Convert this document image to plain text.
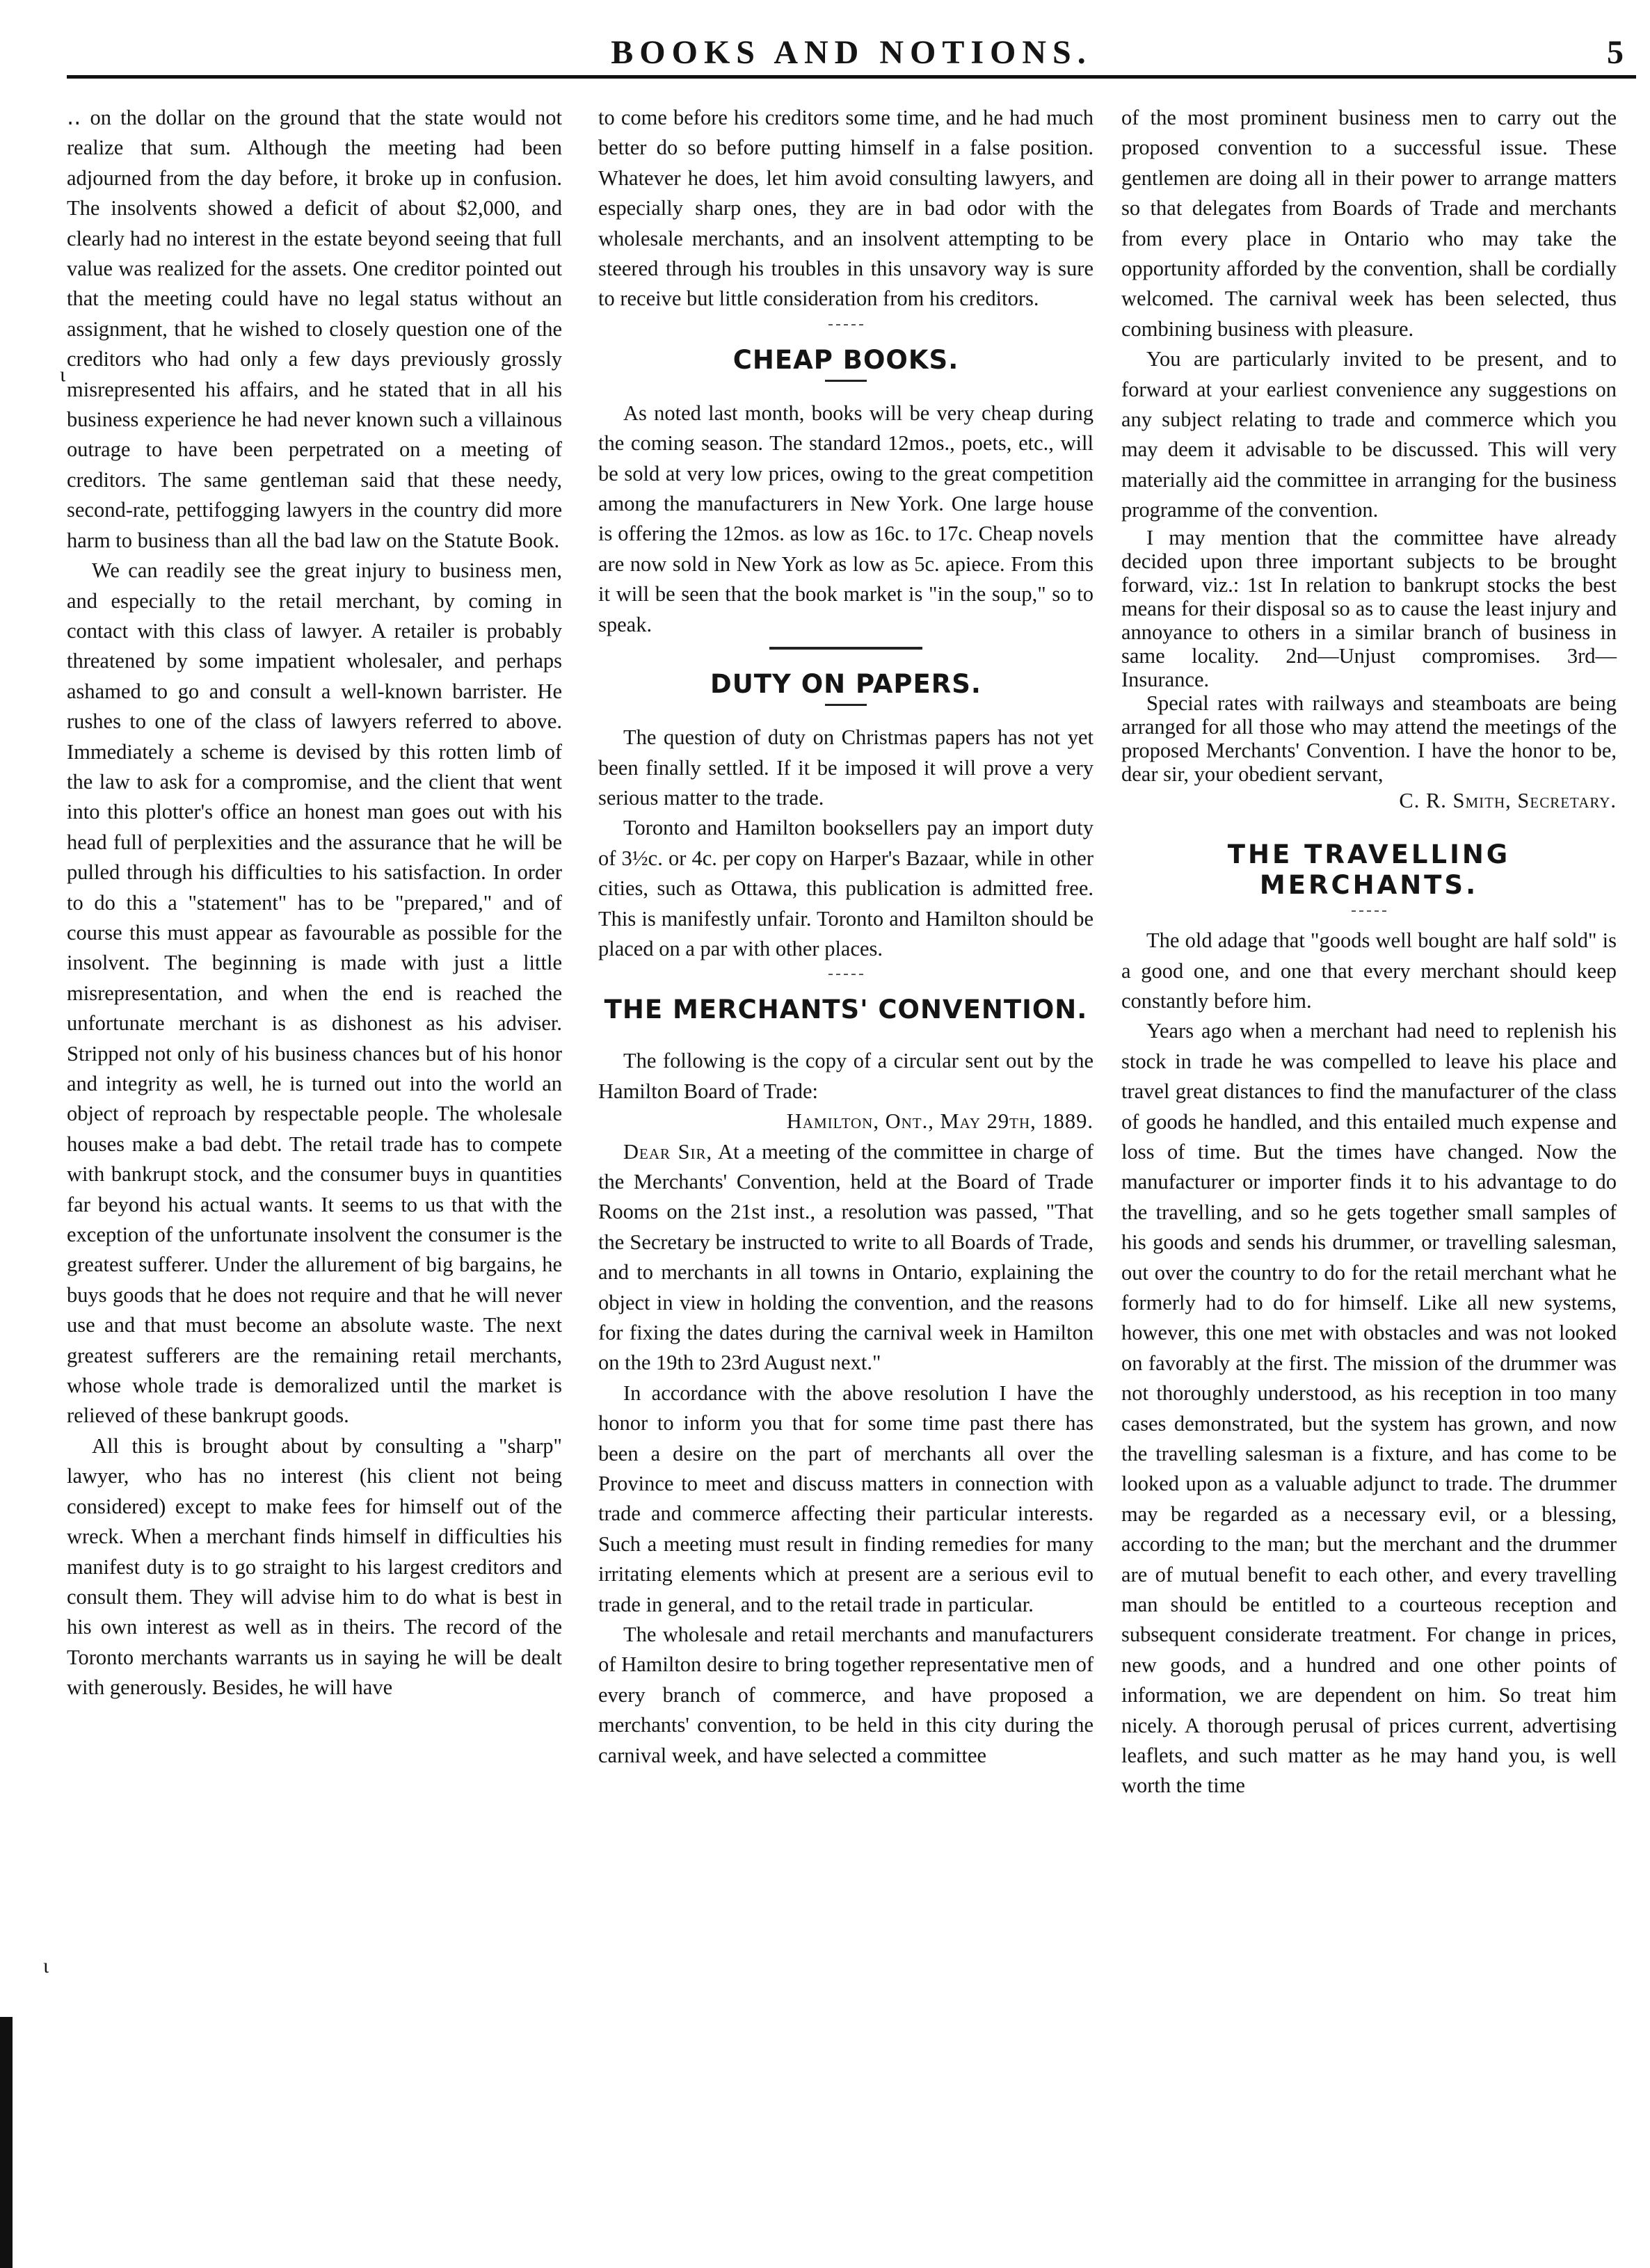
BOOKS AND NOTIONS.	5
ι
ι

‥ on the dollar on the ground that the state would not realize that sum. Although the meeting had been adjourned from the day before, it broke up in confusion. The insolvents showed a deficit of about $2,000, and clearly had no interest in the estate beyond seeing that full value was realized for the assets. One creditor pointed out that the meeting could have no legal status without an assignment, that he wished to closely question one of the creditors who had only a few days previously grossly misrepresented his affairs, and he stated that in all his business experience he had never known such a villainous outrage to have been perpetrated on a meeting of creditors. The same gentleman said that these needy, second-rate, pettifogging lawyers in the country did more harm to business than all the bad law on the Statute Book.

We can readily see the great injury to business men, and especially to the retail merchant, by coming in contact with this class of lawyer. A retailer is probably threatened by some impatient wholesaler, and perhaps ashamed to go and consult a well-known barrister. He rushes to one of the class of lawyers referred to above. Immediately a scheme is devised by this rotten limb of the law to ask for a compromise, and the client that went into this plotter's office an honest man goes out with his head full of perplexities and the assurance that he will be pulled through his difficulties to his satisfaction. In order to do this a "statement" has to be "prepared," and of course this must appear as favourable as possible for the insolvent. The beginning is made with just a little misrepresentation, and when the end is reached the unfortunate merchant is as dishonest as his adviser. Stripped not only of his business chances but of his honor and integrity as well, he is turned out into the world an object of reproach by respectable people. The wholesale houses make a bad debt. The retail trade has to compete with bankrupt stock, and the consumer buys in quantities far beyond his actual wants. It seems to us that with the exception of the unfortunate insolvent the consumer is the greatest sufferer. Under the allurement of big bargains, he buys goods that he does not require and that he will never use and that must become an absolute waste. The next greatest sufferers are the remaining retail merchants, whose whole trade is demoralized until the market is relieved of these bankrupt goods.

All this is brought about by consulting a "sharp" lawyer, who has no interest (his client not being considered) except to make fees for himself out of the wreck. When a merchant finds himself in difficulties his manifest duty is to go straight to his largest creditors and consult them. They will advise him to do what is best in his own interest as well as in theirs. The record of the Toronto merchants warrants us in saying he will be dealt with generously. Besides, he will have

to come before his creditors some time, and he had much better do so before putting himself in a false position. Whatever he does, let him avoid consulting lawyers, and especially sharp ones, they are in bad odor with the wholesale merchants, and an insolvent attempting to be steered through his troubles in this unsavory way is sure to receive but little consideration from his creditors.

CHEAP BOOKS.

As noted last month, books will be very cheap during the coming season. The standard 12mos., poets, etc., will be sold at very low prices, owing to the great competition among the manufacturers in New York. One large house is offering the 12mos. as low as 16c. to 17c. Cheap novels are now sold in New York as low as 5c. apiece. From this it will be seen that the book market is "in the soup," so to speak.

DUTY ON PAPERS.

The question of duty on Christmas papers has not yet been finally settled. If it be imposed it will prove a very serious matter to the trade.

Toronto and Hamilton booksellers pay an import duty of 3½c. or 4c. per copy on Harper's Bazaar, while in other cities, such as Ottawa, this publication is admitted free. This is manifestly unfair. Toronto and Hamilton should be placed on a par with other places.

THE MERCHANTS' CONVENTION.

The following is the copy of a circular sent out by the Hamilton Board of Trade:

Hamilton, Ont., May 29th, 1889.

Dear Sir, At a meeting of the committee in charge of the Merchants' Convention, held at the Board of Trade Rooms on the 21st inst., a resolution was passed, "That the Secretary be instructed to write to all Boards of Trade, and to merchants in all towns in Ontario, explaining the object in view in holding the convention, and the reasons for fixing the dates during the carnival week in Hamilton on the 19th to 23rd August next."

In accordance with the above resolution I have the honor to inform you that for some time past there has been a desire on the part of merchants all over the Province to meet and discuss matters in connection with trade and commerce affecting their particular interests. Such a meeting must result in finding remedies for many irritating elements which at present are a serious evil to trade in general, and to the retail trade in particular.

The wholesale and retail merchants and manufacturers of Hamilton desire to bring together representative men of every branch of commerce, and have proposed a merchants' convention, to be held in this city during the carnival week, and have selected a committee

of the most prominent business men to carry out the proposed convention to a successful issue. These gentlemen are doing all in their power to arrange matters so that delegates from Boards of Trade and merchants from every place in Ontario who may take the opportunity afforded by the convention, shall be cordially welcomed. The carnival week has been selected, thus combining business with pleasure.

You are particularly invited to be present, and to forward at your earliest convenience any suggestions on any subject relating to trade and commerce which you may deem it advisable to be discussed. This will very materially aid the committee in arranging for the business programme of the convention.

I may mention that the committee have already decided upon three important subjects to be brought forward, viz.: 1st In relation to bankrupt stocks the best means for their disposal so as to cause the least injury and annoyance to others in a similar branch of business in same locality. 2nd—Unjust compromises. 3rd—Insurance.

Special rates with railways and steamboats are being arranged for all those who may attend the meetings of the proposed Merchants' Convention. I have the honor to be, dear sir, your obedient servant,

C. R. Smith, Secretary.

THE TRAVELLING MERCHANTS.

The old adage that "goods well bought are half sold" is a good one, and one that every merchant should keep constantly before him.

Years ago when a merchant had need to replenish his stock in trade he was compelled to leave his place and travel great distances to find the manufacturer of the class of goods he handled, and this entailed much expense and loss of time. But the times have changed. Now the manufacturer or importer finds it to his advantage to do the travelling, and so he gets together small samples of his goods and sends his drummer, or travelling salesman, out over the country to do for the retail merchant what he formerly had to do for himself. Like all new systems, however, this one met with obstacles and was not looked on favorably at the first. The mission of the drummer was not thoroughly understood, as his reception in too many cases demonstrated, but the system has grown, and now the travelling salesman is a fixture, and has come to be looked upon as a valuable adjunct to trade. The drummer may be regarded as a necessary evil, or a blessing, according to the man; but the merchant and the drummer are of mutual benefit to each other, and every travelling man should be entitled to a courteous reception and subsequent considerate treatment. For change in prices, new goods, and a hundred and one other points of information, we are dependent on him. So treat him nicely. A thorough perusal of prices current, advertising leaflets, and such matter as he may hand you, is well worth the time
